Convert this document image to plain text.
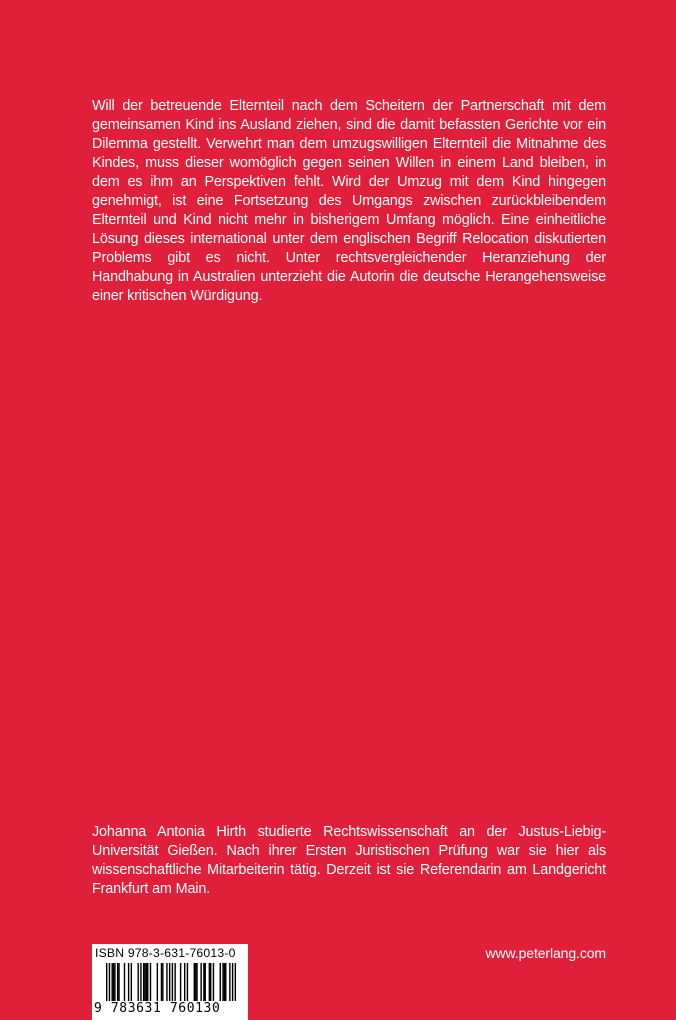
Will der betreuende Elternteil nach dem Scheitern der Partnerschaft mit dem gemeinsamen Kind ins Ausland ziehen, sind die damit befassten Gerichte vor ein Dilemma gestellt. Verwehrt man dem umzugswilligen Elternteil die Mitnahme des Kindes, muss dieser womöglich gegen seinen Willen in einem Land bleiben, in dem es ihm an Perspektiven fehlt. Wird der Umzug mit dem Kind hingegen genehmigt, ist eine Fortsetzung des Umgangs zwischen zurückbleibendem Elternteil und Kind nicht mehr in bisherigem Umfang möglich. Eine einheitliche Lösung dieses international unter dem englischen Begriff Relocation diskutierten Problems gibt es nicht. Unter rechtsvergleichender Heranziehung der Handhabung in Australien unterzieht die Autorin die deutsche Herangehensweise einer kritischen Würdigung.

Johanna Antonia Hirth studierte Rechtswissenschaft an der Justus-Liebig-Universität Gießen. Nach ihrer Ersten Juristischen Prüfung war sie hier als wissenschaftliche Mitarbeiterin tätig. Derzeit ist sie Referendarin am Landgericht Frankfurt am Main.

ISBN 978-3-631-76013-0
9 783631 760130
www.peterlang.com
